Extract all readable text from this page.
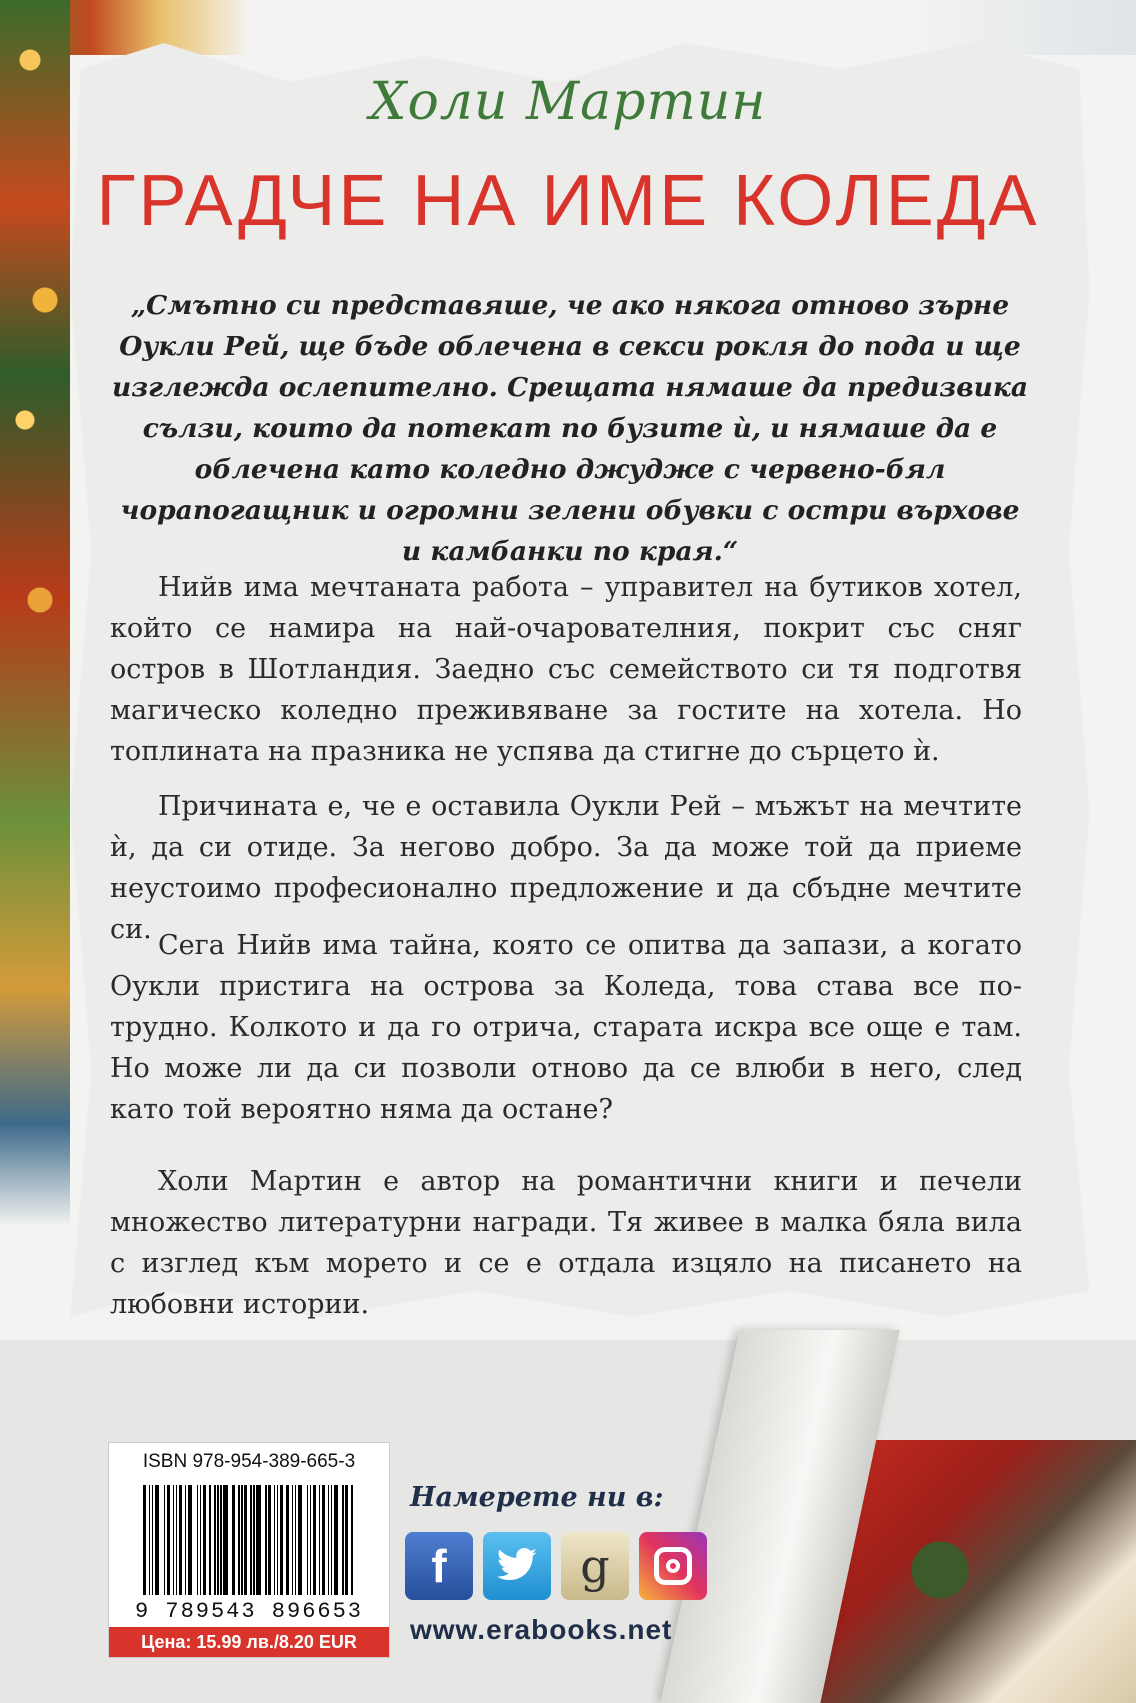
Холи Мартин
ГРАДЧЕ НА ИМЕ КОЛЕДА
„Смътно си представяше, че ако някога отново зърне Оукли Рей, ще бъде облечена в секси рокля до пода и ще изглежда ослепително. Срещата нямаше да предизвика сълзи, които да потекат по бузите ѝ, и нямаше да е облечена като коледно джудже с червено-бял чорапогащник и огромни зелени обувки с остри върхове и камбанки по края.“

Нийв има мечтаната работа – управител на бутиков хотел, който се намира на най-очарователния, покрит със сняг остров в Шотландия. Заедно със семейството си тя подготвя магическо коледно преживяване за гостите на хотела. Но топлината на празника не успява да стигне до сърцето ѝ.

Причината е, че е оставила Оукли Рей – мъжът на мечтите ѝ, да си отиде. За негово добро. За да може той да приеме неустоимо професионално предложение и да сбъдне мечтите си.

Сега Нийв има тайна, която се опитва да запази, а когато Оукли пристига на острова за Коледа, това става все по-трудно. Колкото и да го отрича, старата искра все още е там. Но може ли да си позволи отново да се влюби в него, след като той вероятно няма да остане?

Холи Мартин е автор на романтични книги и печели множество литературни награди. Тя живее в малка бяла вила с изглед към морето и се е отдала изцяло на писането на любовни истории.

ISBN 978-954-389-665-3
9 789543 896653
Цена: 15.99 лв./8.20 EUR
Намерете ни в:
f	g
www.erabooks.net
